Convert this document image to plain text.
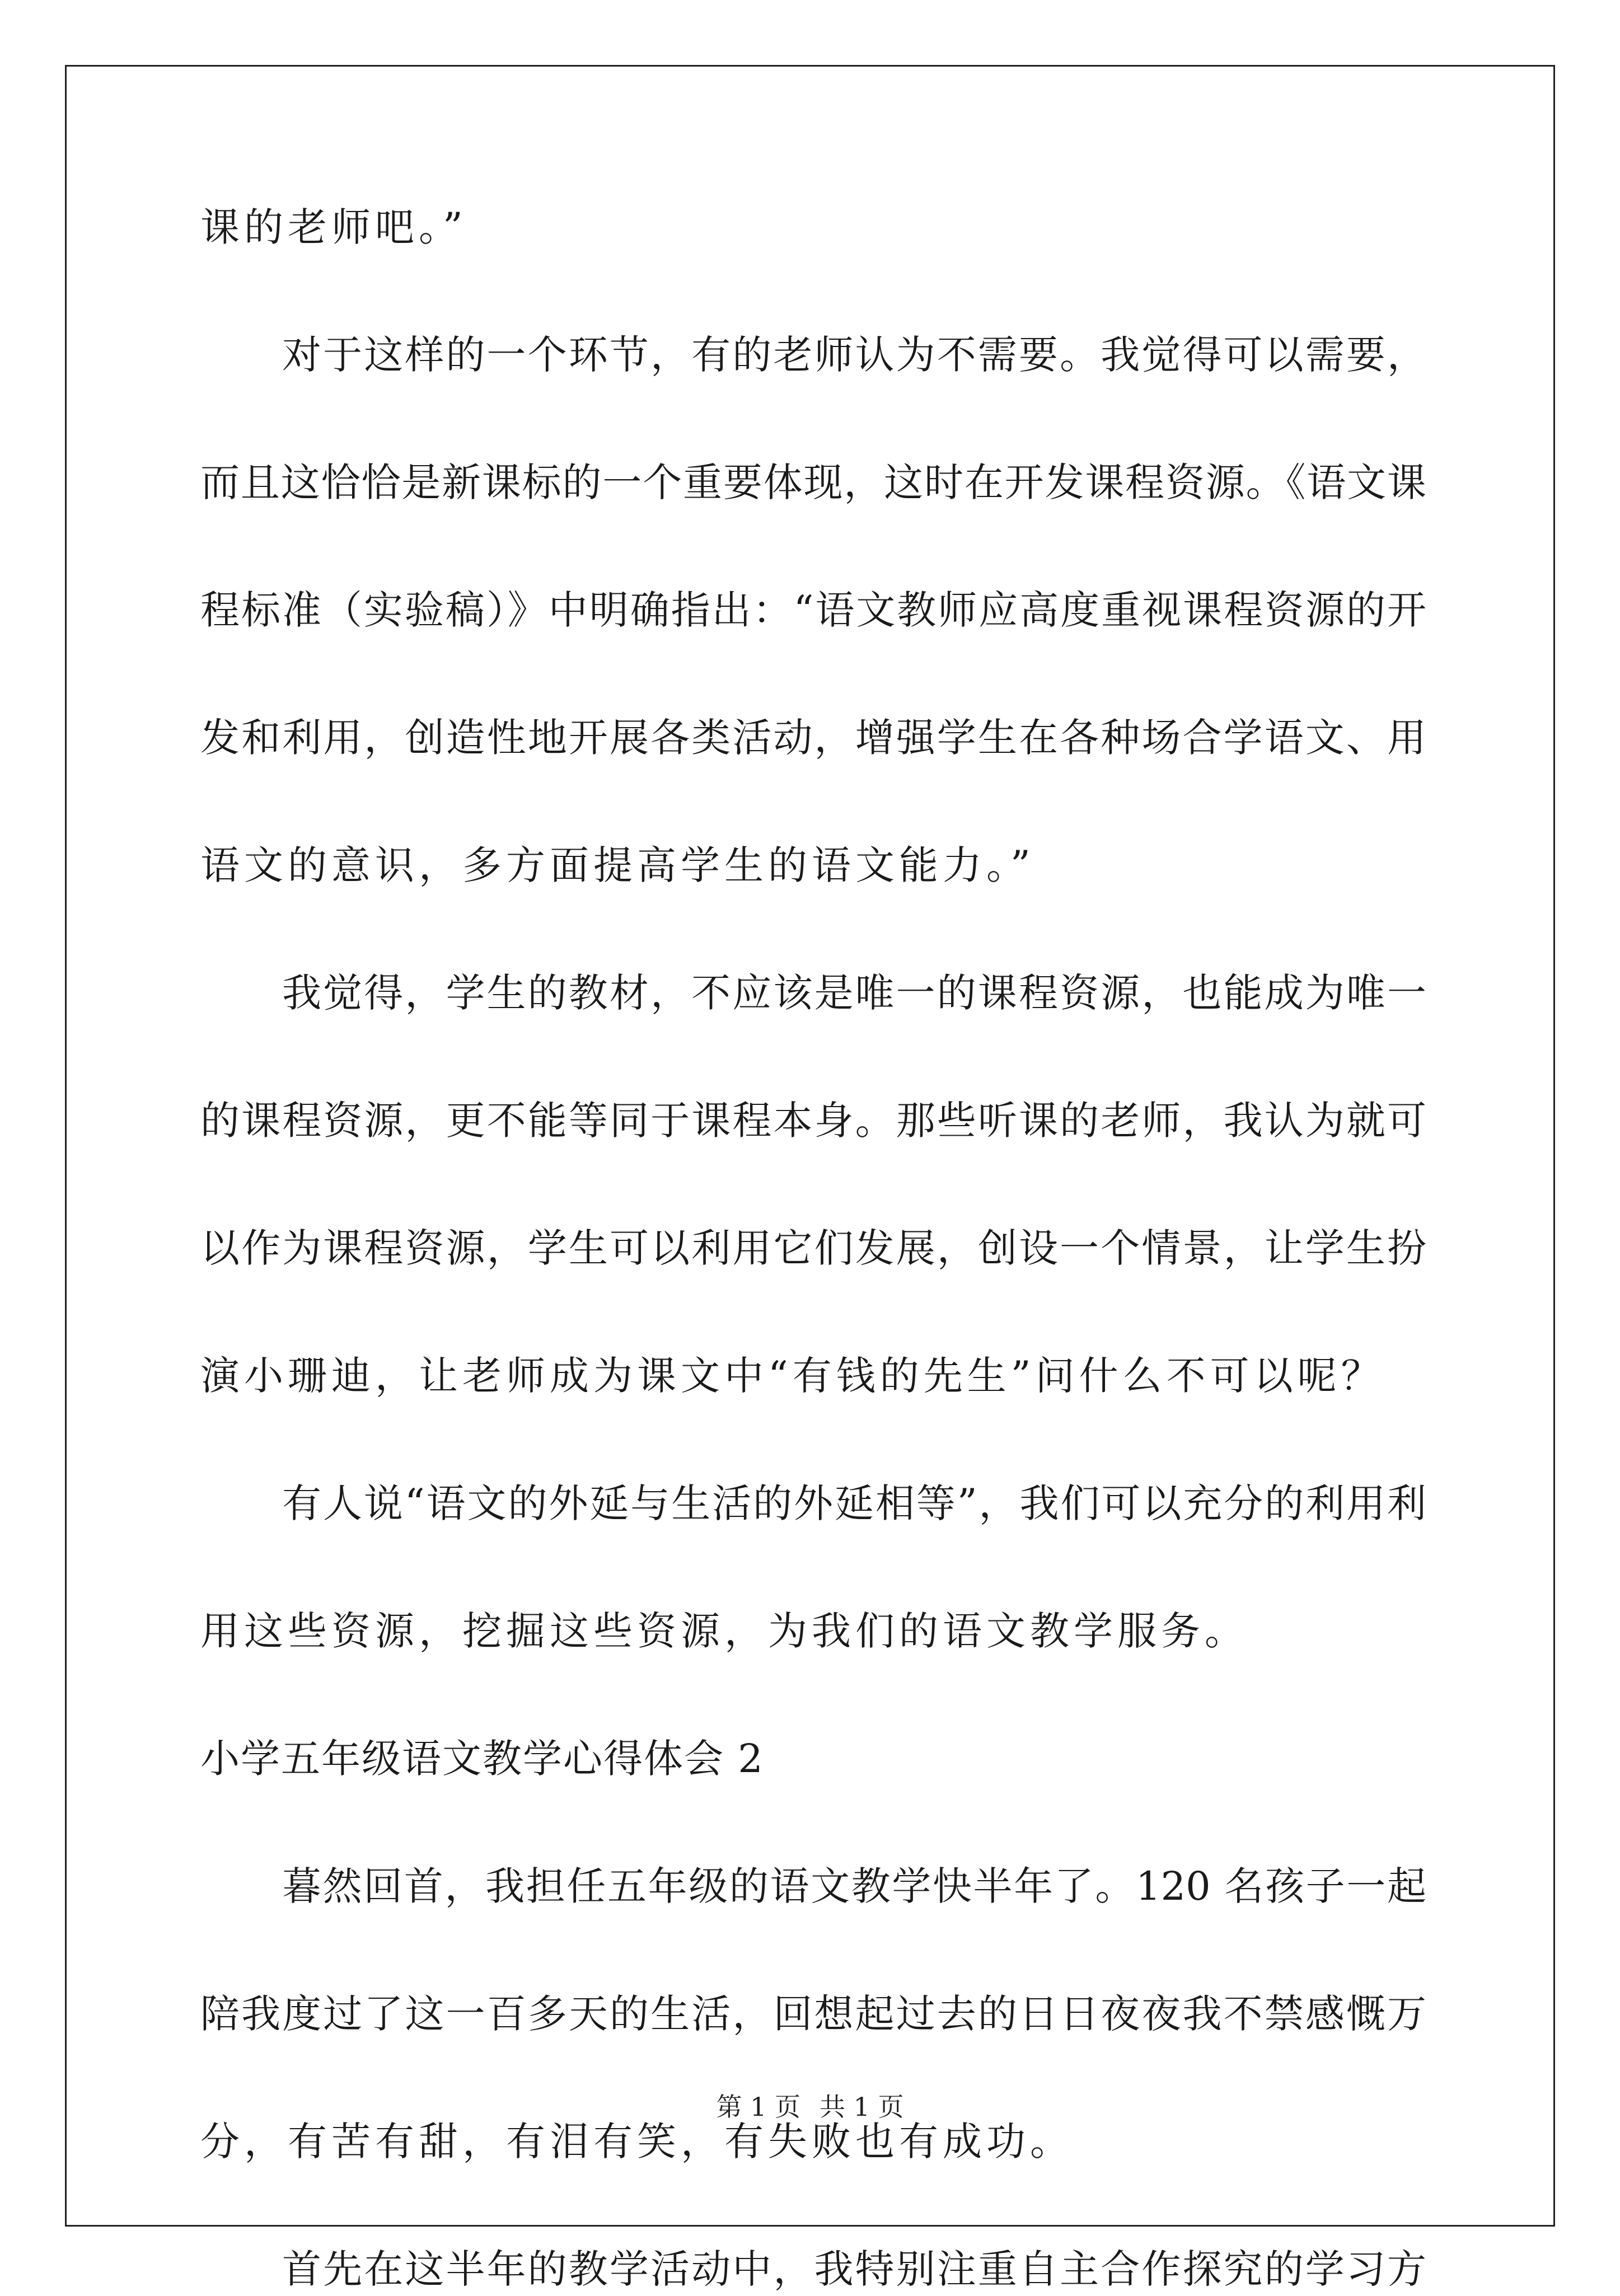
课的老师吧。”
对于这样的一个环节，有的老师认为不需要。我觉得可以需要，
而且这恰恰是新课标的一个重要体现，这时在开发课程资源。《语文课
程标准（实验稿）》中明确指出：“语文教师应高度重视课程资源的开
发和利用，创造性地开展各类活动，增强学生在各种场合学语文、用
语文的意识，多方面提高学生的语文能力。”
我觉得，学生的教材，不应该是唯一的课程资源，也能成为唯一
的课程资源，更不能等同于课程本身。那些听课的老师，我认为就可
以作为课程资源，学生可以利用它们发展，创设一个情景，让学生扮
演小珊迪，让老师成为课文中“有钱的先生”问什么不可以呢？
有人说“语文的外延与生活的外延相等”，我们可以充分的利用利
用这些资源，挖掘这些资源，为我们的语文教学服务。
小学五年级语文教学心得体会 2
暮然回首，我担任五年级的语文教学快半年了。120 名孩子一起
陪我度过了这一百多天的生活，回想起过去的日日夜夜我不禁感慨万
分，有苦有甜，有泪有笑，有失败也有成功。
首先在这半年的教学活动中，我特别注重自主合作探究的学习方
第 1 页 共 1 页
